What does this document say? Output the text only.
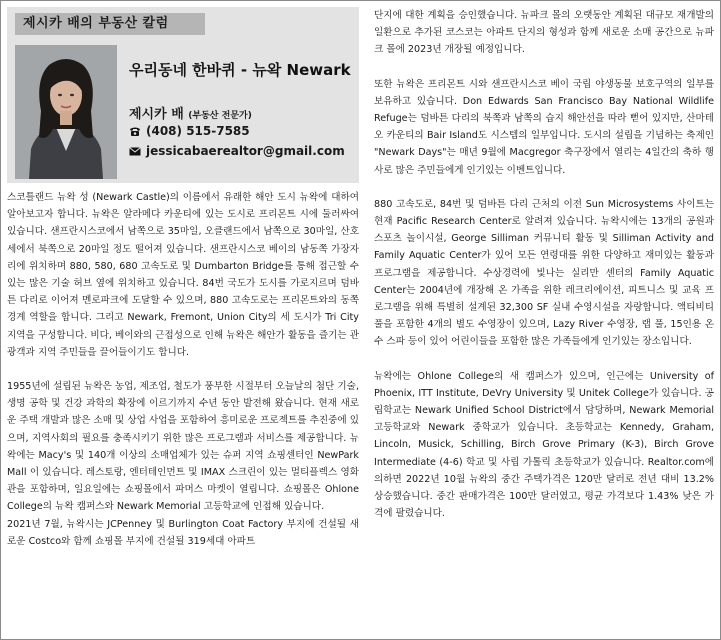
제시카 배의 부동산 칼럼
우리동네 한바퀴 - 뉴왁 Newark
제시카 배 (부동산 전문가)
(408) 515-7585
jessicabaerealtor@gmail.com

스코틀랜드 뉴왁 성 (Newark Castle)의 이름에서 유래한 해안 도시 뉴왁에 대하여 알아보고자 합니다. 뉴왁은 알라메다 카운티에 있는 도시로 프리몬트 시에 둘러싸여 있습니다. 샌프란시스코에서 남쪽으로 35마일, 오클랜드에서 남쪽으로 30마일, 산호세에서 북쪽으로 20마일 정도 떨어져 있습니다. 샌프란시스코 베이의 남동쪽 가장자리에 위치하며 880, 580, 680 고속도로 및 Dumbarton Bridge를 통해 접근할 수 있는 많은 기술 허브 옆에 위치하고 있습니다. 84번 국도가 도시를 가로지르며 덤바튼 다리로 이어져 멘로파크에 도달할 수 있으며, 880 고속도로는 프리몬트와의 동쪽 경계 역할을 합니다. 그리고 Newark, Fremont, Union City의 세 도시가 Tri City 지역을 구성합니다. 비다, 베이와의 근접성으로 인해 뉴왁은 해안가 활동을 즐기는 관광객과 지역 주민들을 끌어들이기도 합니다.

1955년에 설립된 뉴왁은 농업, 제조업, 철도가 풍부한 시절부터 오늘날의 첨단 기술, 생명 공학 및 건강 과학의 확장에 이르기까지 수년 동안 발전해 왔습니다. 현재 새로운 주택 개발과 많은 소매 및 상업 사업을 포함하여 흥미로운 프로젝트를 추진중에 있으며, 지역사회의 필요를 충족시키기 위한 많은 프로그램과 서비스를 제공합니다. 뉴왁에는 Macy's 및 140개 이상의 소매업체가 있는 슈퍼 지역 쇼핑센터인 NewPark Mall 이 있습니다. 레스토랑, 엔터테인먼트 및 IMAX 스크린이 있는 멀티플렉스 영화관을 포함하며, 일요일에는 쇼핑몰에서 파머스 마켓이 열립니다. 쇼핑몰은 Ohlone College의 뉴왁 캠퍼스와 Newark Memorial 고등학교에 인접해 있습니다.

2021년 7월, 뉴왁시는 JCPenney 및 Burlington Coat Factory 부지에 건설될 새로운 Costco와 함께 쇼핑몰 부지에 건설될 319세대 아파트

단지에 대한 계획을 승인했습니다. 뉴파크 몰의 오랫동안 계획된 대규모 재개발의 일환으로 추가된 코스코는 아파트 단지의 형성과 함께 새로운 소매 공간으로 뉴파크 몰에 2023년 개장될 예정입니다.

또한 뉴왁은 프리몬트 시와 샌프란시스코 베이 국립 야생동물 보호구역의 일부를 보유하고 있습니다. Don Edwards San Francisco Bay National Wildlife Refuge는 덤바튼 다리의 북쪽과 남쪽의 습지 해안선을 따라 뻗어 있지만, 산마테오 카운티의 Bair Island도 시스템의 일부입니다. 도시의 설립을 기념하는 축제인 "Newark Days"는 매년 9월에 Macgregor 축구장에서 열리는 4일간의 축하 행사로 많은 주민들에게 인기있는 이벤트입니다.

880 고속도로, 84번 및 덤바튼 다리 근처의 이전 Sun Microsystems 사이트는 현재 Pacific Research Center로 알려져 있습니다. 뉴왁시에는 13개의 공원과 스포츠 놀이시설, George Silliman 커뮤니티 활동 및 Silliman Activity and Family Aquatic Center가 있어 모든 연령대를 위한 다양하고 재미있는 활동과 프로그램을 제공합니다. 수상경력에 빛나는 실리만 센터의 Family Aquatic Center는 2004년에 개장해 온 가족을 위한 레크리에이션, 피트니스 및 교육 프로그램을 위해 특별히 설계된 32,300 SF 실내 수영시설을 자랑합니다. 액티비티 풀을 포함한 4개의 별도 수영장이 있으며, Lazy River 수영장, 랩 풀, 15인용 온수 스파 등이 있어 어린이들을 포함한 많은 가족들에게 인기있는 장소입니다.

뉴왁에는 Ohlone College의 새 캠퍼스가 있으며, 인근에는 University of Phoenix, ITT Institute, DeVry University 및 Unitek College가 있습니다. 공립학교는 Newark Unified School District에서 담당하며, Newark Memorial 고등학교와 Newark 중학교가 있습니다. 초등학교는 Kennedy, Graham, Lincoln, Musick, Schilling, Birch Grove Primary (K-3), Birch Grove Intermediate (4-6) 학교 및 사립 가톨릭 초등학교가 있습니다. Realtor.com에 의하면 2022년 10월 뉴왁의 중간 주택가격은 120만 달러로 전년 대비 13.2% 상승했습니다. 중간 판매가격은 100만 달러였고, 평균 가격보다 1.43% 낮은 가격에 팔렸습니다.
